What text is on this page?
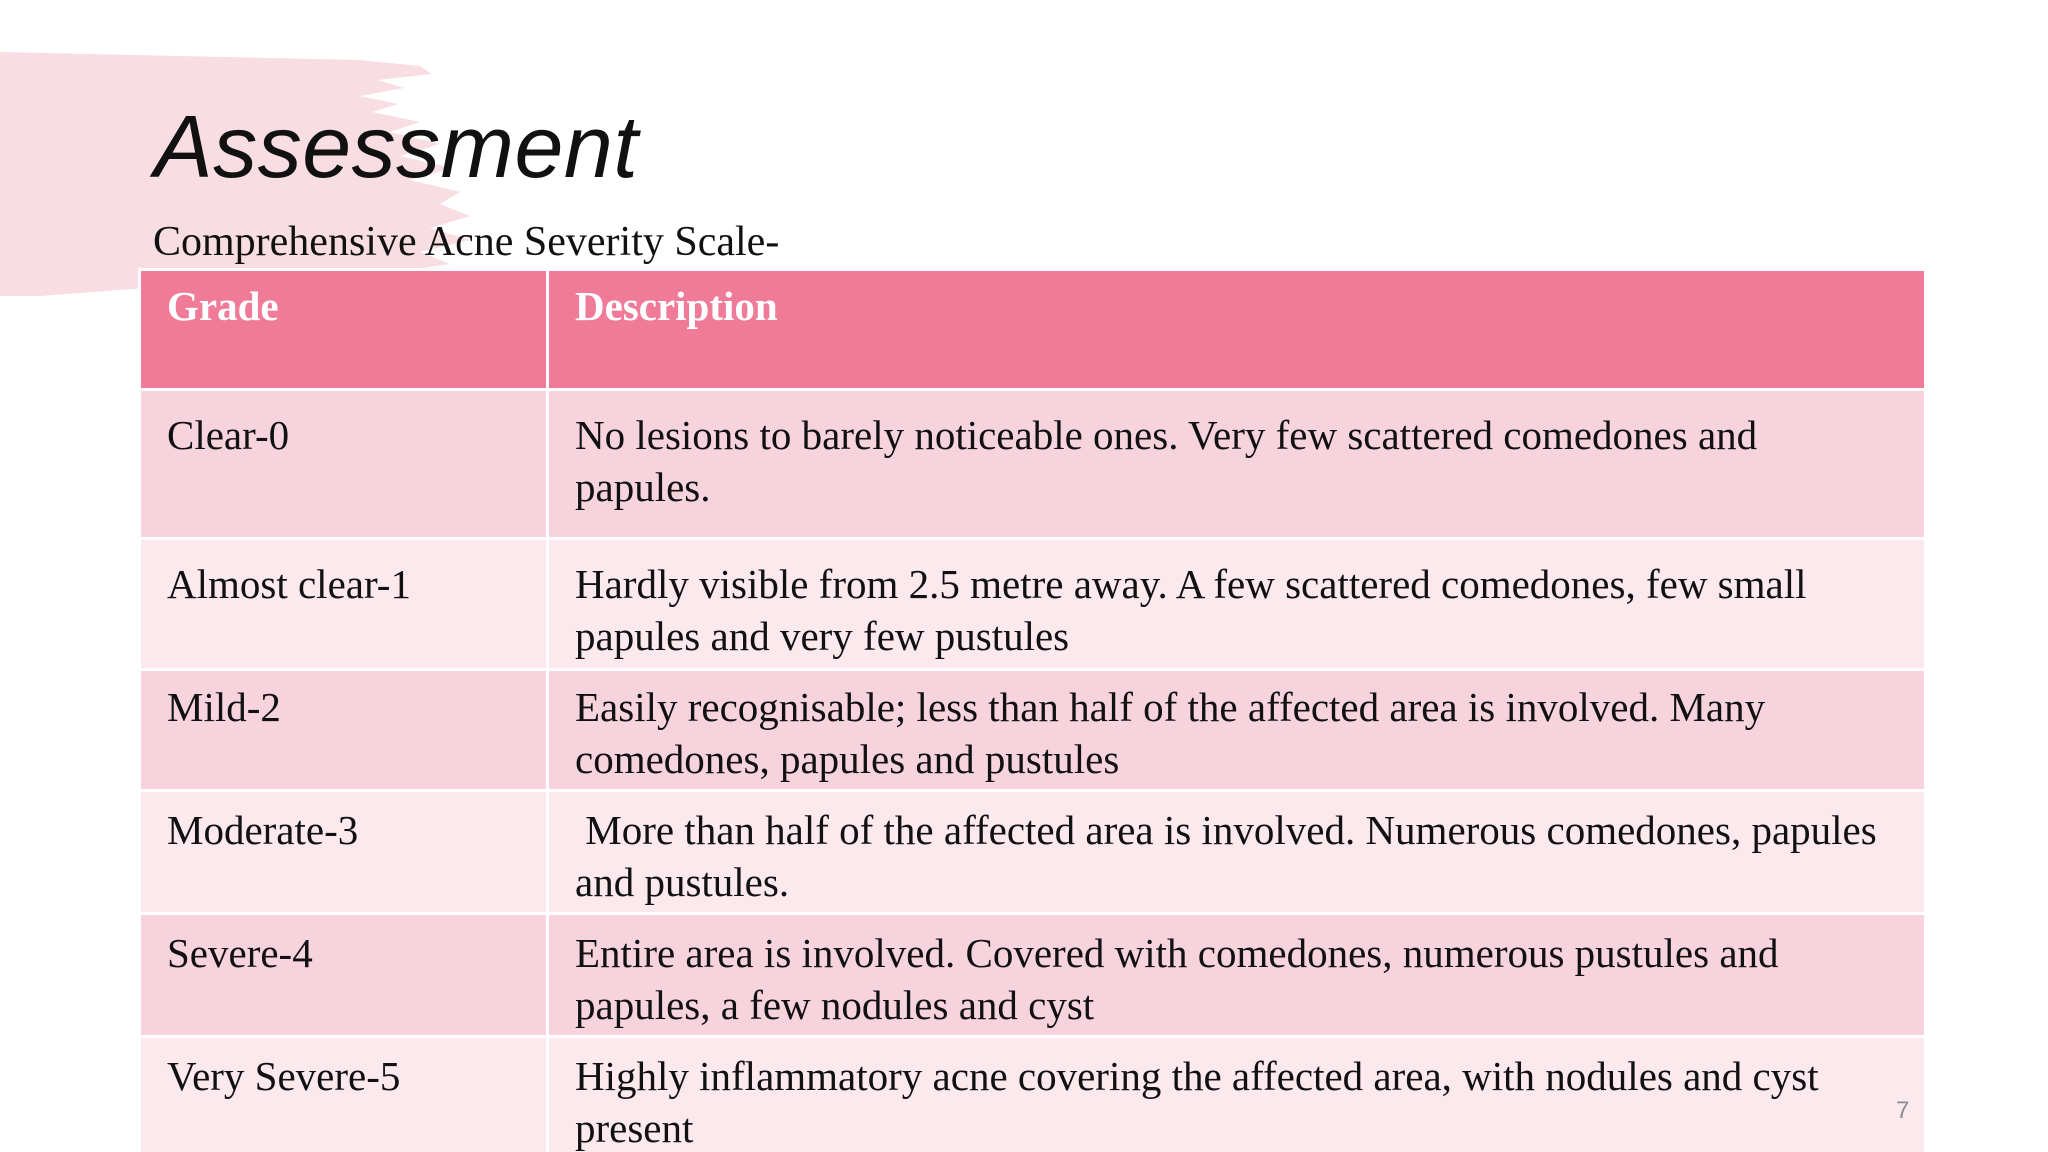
Assessment
Comprehensive Acne Severity Scale-
Grade	Description
Clear-0	No lesions to barely noticeable ones. Very few scattered comedones and papules.
Almost clear-1	Hardly visible from 2.5 metre away. A few scattered comedones, few small papules and very few pustules
Mild-2	Easily recognisable; less than half of the affected area is involved. Many comedones, papules and pustules
Moderate-3	More than half of the affected area is involved. Numerous comedones, papules and pustules.
Severe-4	Entire area is involved. Covered with comedones, numerous pustules and papules, a few nodules and cyst
Very Severe-5	Highly inflammatory acne covering the affected area, with nodules and cyst present	7
